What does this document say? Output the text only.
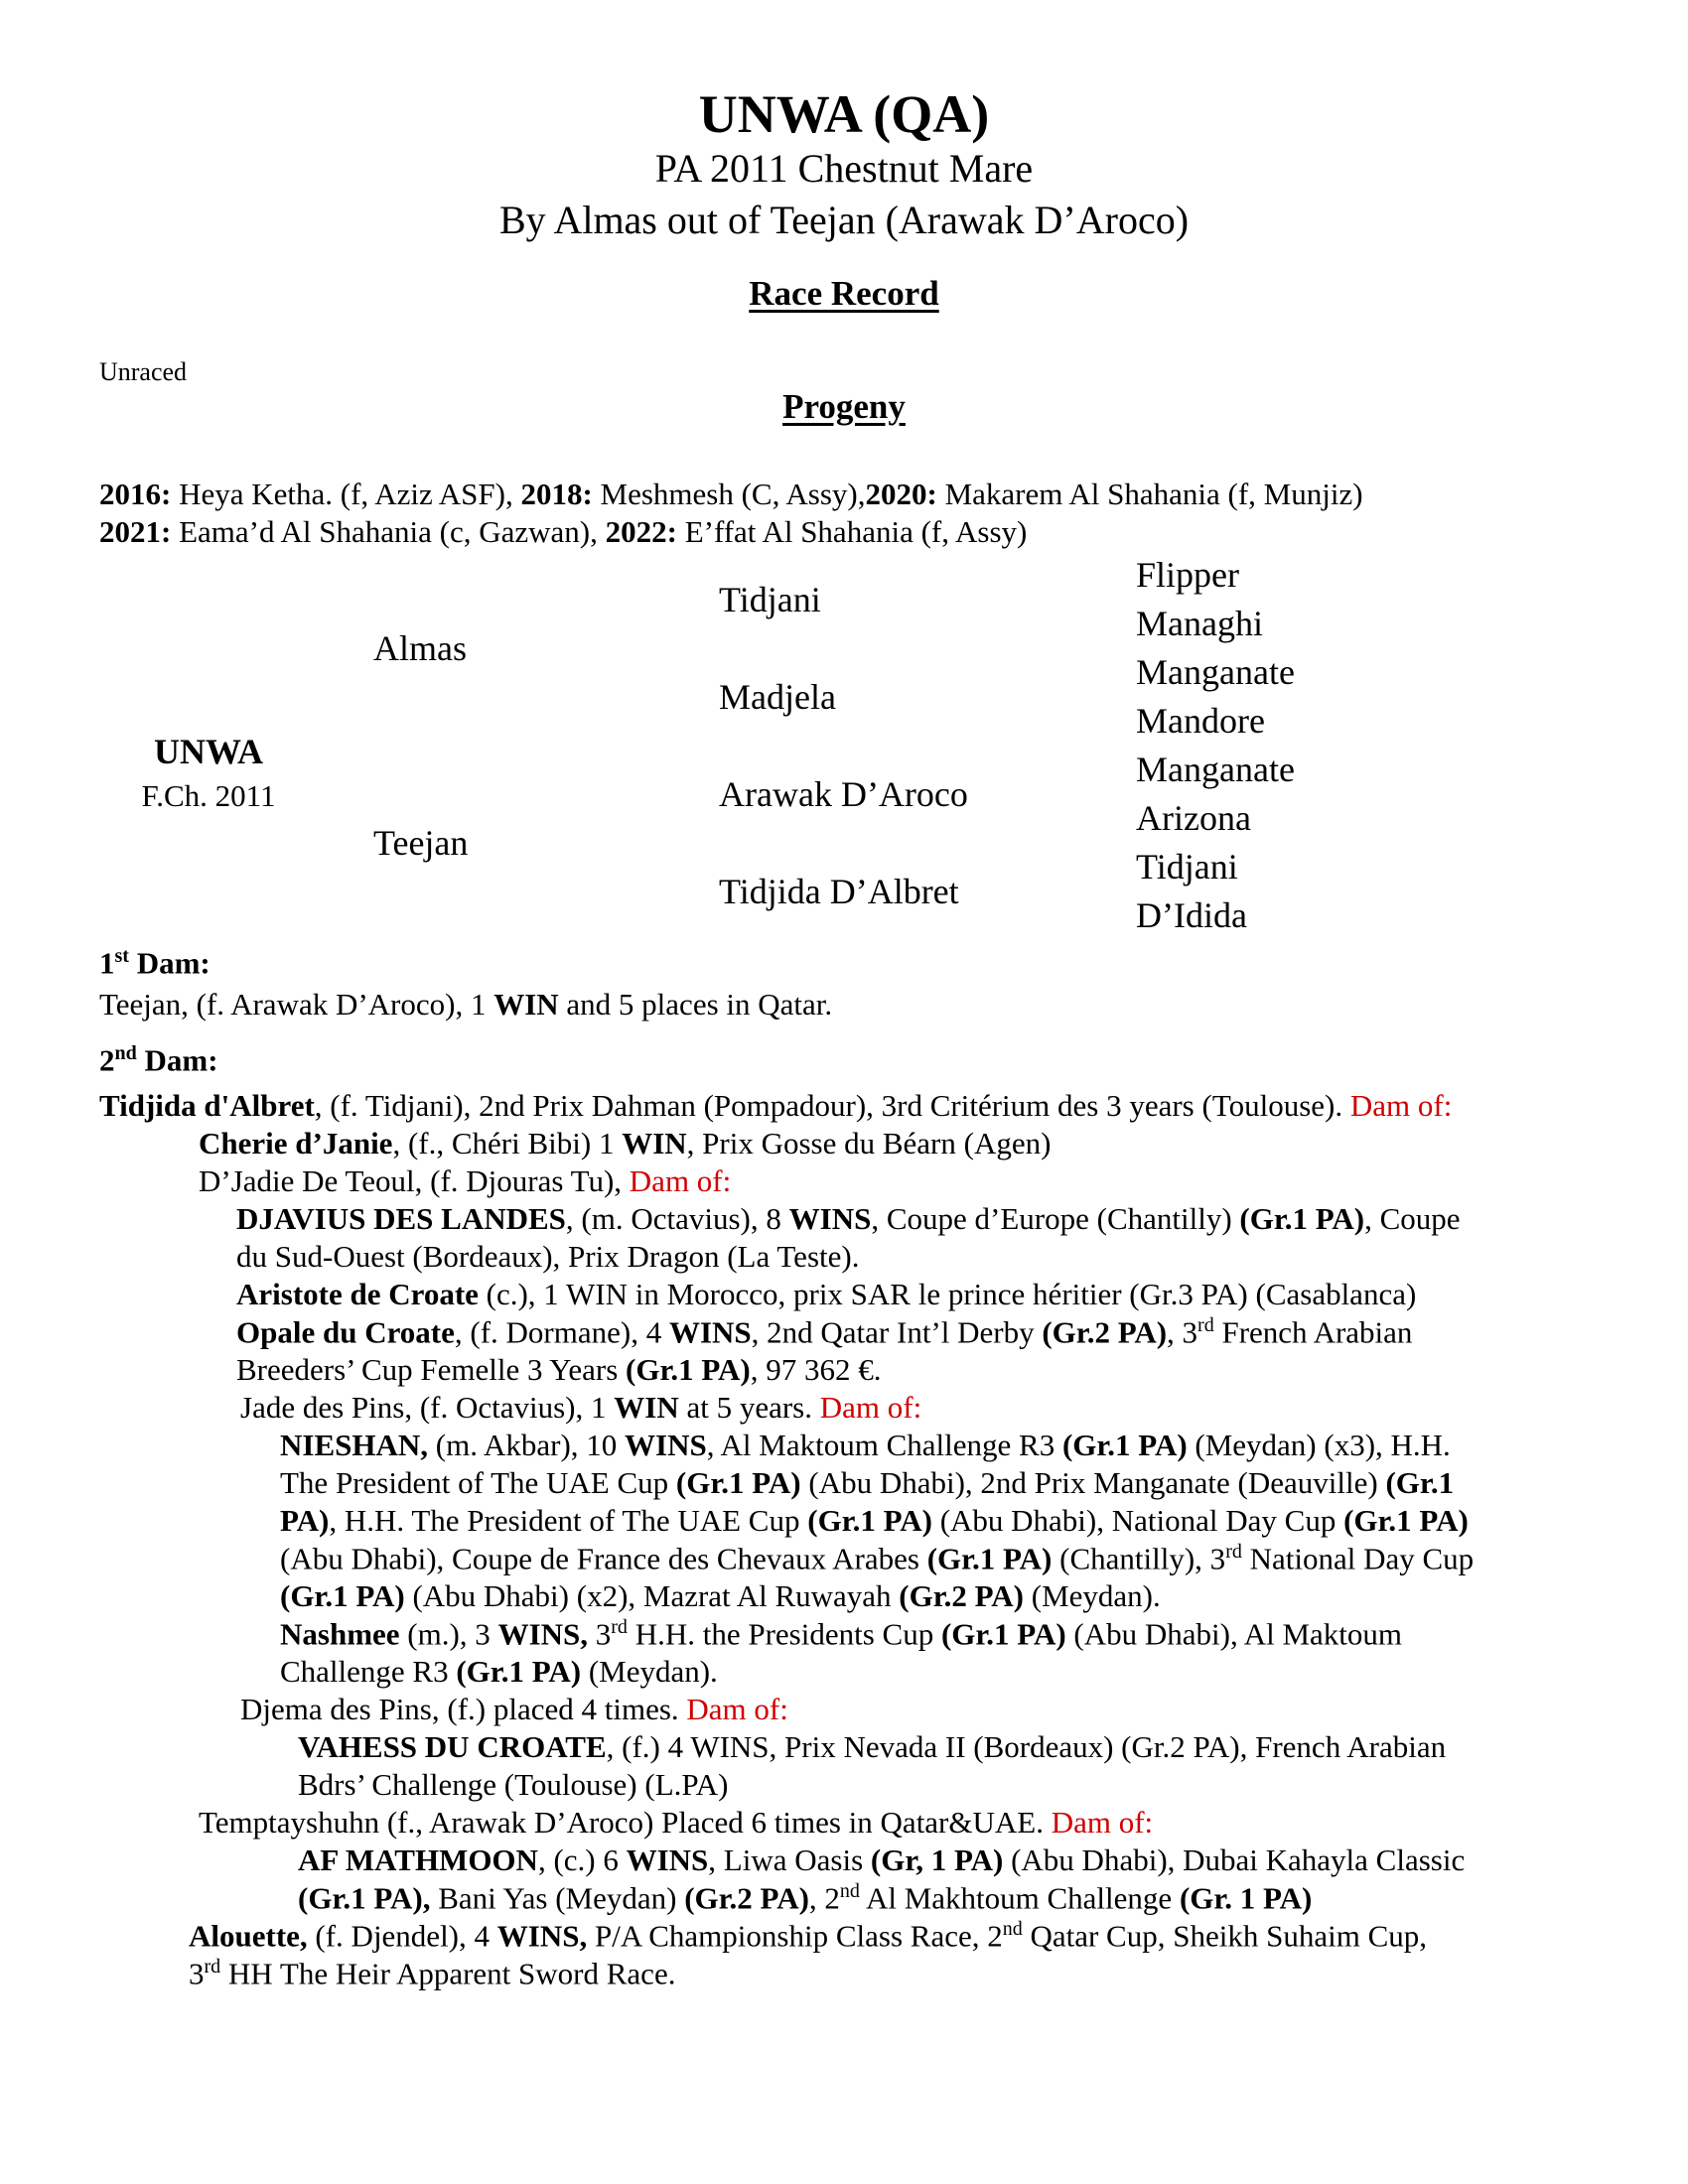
UNWA (QA)
PA 2011 Chestnut Mare
By Almas out of Teejan (Arawak D’Aroco)
Race Record
Unraced
Progeny
2016: Heya Ketha. (f, Aziz ASF), 2018: Meshmesh (C, Assy),2020: Makarem Al Shahania (f, Munjiz)
2021: Eama’d Al Shahania (c, Gazwan), 2022: E’ffat Al Shahania (f, Assy)
UNWA
F.Ch. 2011
Almas
Teejan
Tidjani
Madjela
Arawak D’Aroco
Tidjida D’Albret
Flipper
Managhi
Manganate
Mandore
Manganate
Arizona
Tidjani
D’Idida
1st Dam:
Teejan, (f. Arawak D’Aroco), 1 WIN and 5 places in Qatar.
2nd Dam:
Tidjida d'Albret, (f. Tidjani), 2nd Prix Dahman (Pompadour), 3rd Critérium des 3 years (Toulouse). Dam of:
Cherie d’Janie, (f., Chéri Bibi) 1 WIN, Prix Gosse du Béarn (Agen)
D’Jadie De Teoul, (f. Djouras Tu), Dam of:
DJAVIUS DES LANDES, (m. Octavius), 8 WINS, Coupe d’Europe (Chantilly) (Gr.1 PA), Coupe
du Sud-Ouest (Bordeaux), Prix Dragon (La Teste).
Aristote de Croate (c.), 1 WIN in Morocco, prix SAR le prince héritier (Gr.3 PA) (Casablanca)
Opale du Croate, (f. Dormane), 4 WINS, 2nd Qatar Int’l Derby (Gr.2 PA), 3rd French Arabian
Breeders’ Cup Femelle 3 Years (Gr.1 PA), 97 362 €.
Jade des Pins, (f. Octavius), 1 WIN at 5 years. Dam of:
NIESHAN, (m. Akbar), 10 WINS, Al Maktoum Challenge R3 (Gr.1 PA) (Meydan) (x3), H.H.
The President of The UAE Cup (Gr.1 PA) (Abu Dhabi), 2nd Prix Manganate (Deauville) (Gr.1
PA), H.H. The President of The UAE Cup (Gr.1 PA) (Abu Dhabi), National Day Cup (Gr.1 PA)
(Abu Dhabi), Coupe de France des Chevaux Arabes (Gr.1 PA) (Chantilly), 3rd National Day Cup
(Gr.1 PA) (Abu Dhabi) (x2), Mazrat Al Ruwayah (Gr.2 PA) (Meydan).
Nashmee (m.), 3 WINS, 3rd H.H. the Presidents Cup (Gr.1 PA) (Abu Dhabi), Al Maktoum
Challenge R3 (Gr.1 PA) (Meydan).
Djema des Pins, (f.) placed 4 times. Dam of:
VAHESS DU CROATE, (f.) 4 WINS, Prix Nevada II (Bordeaux) (Gr.2 PA), French Arabian
Bdrs’ Challenge (Toulouse) (L.PA)
Temptayshuhn (f., Arawak D’Aroco) Placed 6 times in Qatar&UAE. Dam of:
AF MATHMOON, (c.) 6 WINS, Liwa Oasis (Gr, 1 PA) (Abu Dhabi), Dubai Kahayla Classic
(Gr.1 PA), Bani Yas (Meydan) (Gr.2 PA), 2nd Al Makhtoum Challenge (Gr. 1 PA)
Alouette, (f. Djendel), 4 WINS, P/A Championship Class Race, 2nd Qatar Cup, Sheikh Suhaim Cup,
3rd HH The Heir Apparent Sword Race.
